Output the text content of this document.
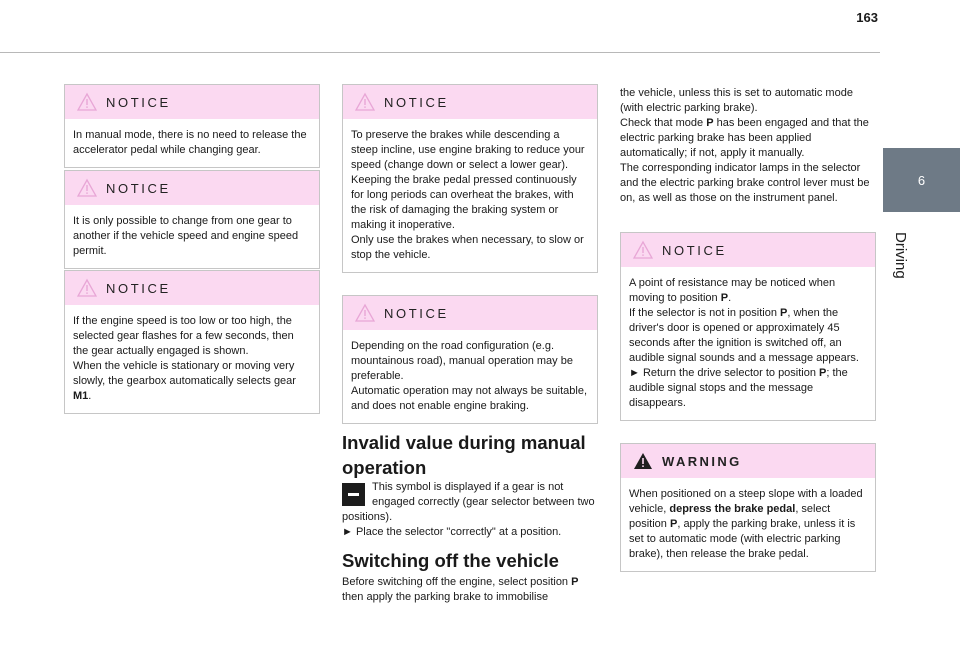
163
6
Driving
NOTICE

In manual mode, there is no need to release the accelerator pedal while changing gear.

NOTICE

It is only possible to change from one gear to another if the vehicle speed and engine speed permit.

NOTICE

If the engine speed is too low or too high, the selected gear flashes for a few seconds, then the gear actually engaged is shown.

When the vehicle is stationary or moving very slowly, the gearbox automatically selects gear M1.

NOTICE

To preserve the brakes while descending a steep incline, use engine braking to reduce your speed (change down or select a lower gear).

Keeping the brake pedal pressed continuously for long periods can overheat the brakes, with the risk of damaging the braking system or making it inoperative.

Only use the brakes when necessary, to slow or stop the vehicle.

NOTICE

Depending on the road configuration (e.g. mountainous road), manual operation may be preferable.

Automatic operation may not always be suitable, and does not enable engine braking.

Invalid value during manual operation

This symbol is displayed if a gear is not engaged correctly (gear selector between two positions).

► Place the selector "correctly" at a position.

Switching off the vehicle

Before switching off the engine, select position P then apply the parking brake to immobilise

the vehicle, unless this is set to automatic mode (with electric parking brake).

Check that mode P has been engaged and that the electric parking brake has been applied automatically; if not, apply it manually.

The corresponding indicator lamps in the selector and the electric parking brake control lever must be on, as well as those on the instrument panel.

NOTICE

A point of resistance may be noticed when moving to position P.

If the selector is not in position P, when the driver's door is opened or approximately 45 seconds after the ignition is switched off, an audible signal sounds and a message appears.

► Return the drive selector to position P; the audible signal stops and the message disappears.

WARNING

When positioned on a steep slope with a loaded vehicle, depress the brake pedal, select position P, apply the parking brake, unless it is set to automatic mode (with electric parking brake), then release the brake pedal.
